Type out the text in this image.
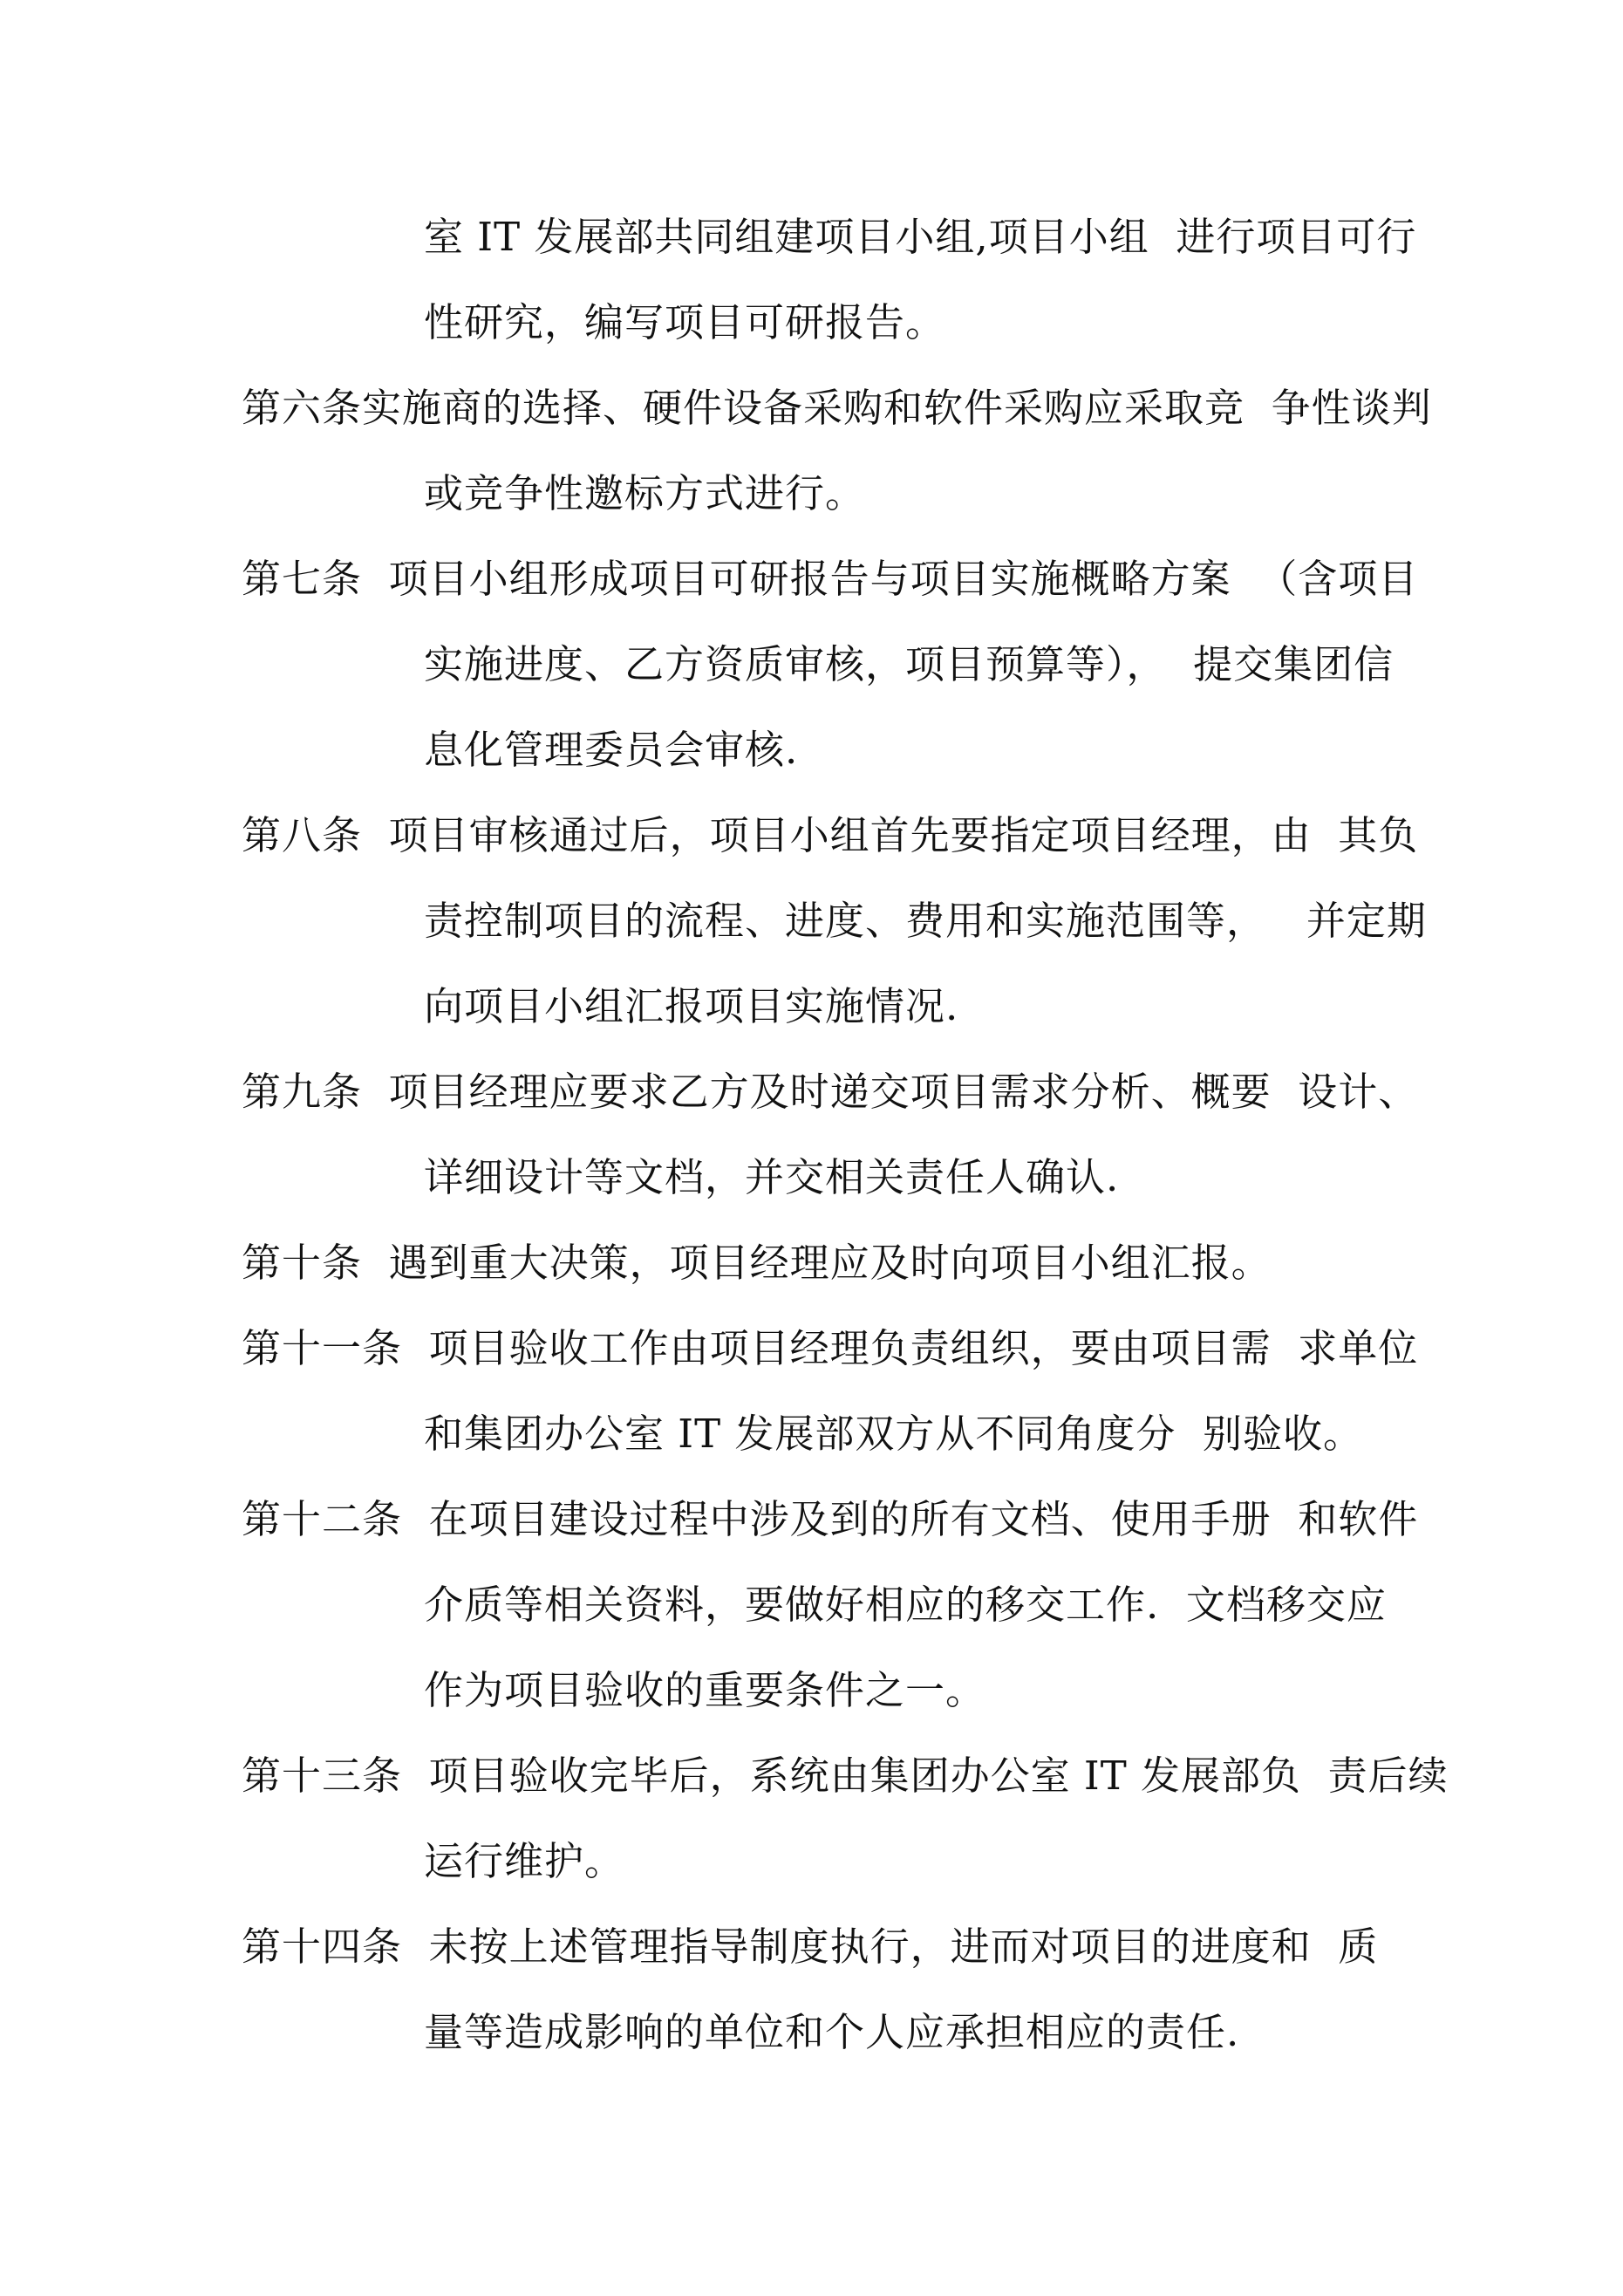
室 IT 发展部共同组建项目小组,项目小组  进行项目可行
性研究，编写项目可研报告。
第六条实施商的选择、硬件设备采购和软件采购应采取竞  争性谈判
或竞争性邀标方式进行。
第七条  项目小组形成项目可研报告与项目实施概略方案  （含项目
实施进度、乙方资质审核，项目预算等），  提交集团信
息化管理委员会审核.
第八条  项目审核通过后，项目小组首先要指定项目经理，由  其负
责控制项目的流程、进度、费用和实施范围等，   并定期
向项目小组汇报项目实施情况.
第九条  项目经理应要求乙方及时递交项目需求分析、概要  设计、
详细设计等文档，并交相关责任人确认.
第十条  遇到重大决策，项目经理应及时向项目小组汇报。
第十一条  项目验收工作由项目经理负责组织，要由项目需  求单位
和集团办公室 IT 发展部双方从不同角度分  别验收。
第十二条  在项目建设过程中涉及到的所有文档、使用手册  和软件
介质等相关资料，要做好相应的移交工作.  文档移交应
作为项目验收的重要条件之一。
第十三条  项目验收完毕后，系统由集团办公室 IT 发展部负  责后续
运行维护。
第十四条  未按上述管理指导制度执行，进而对项目的进度和  质
量等造成影响的单位和个人应承担相应的责任.
